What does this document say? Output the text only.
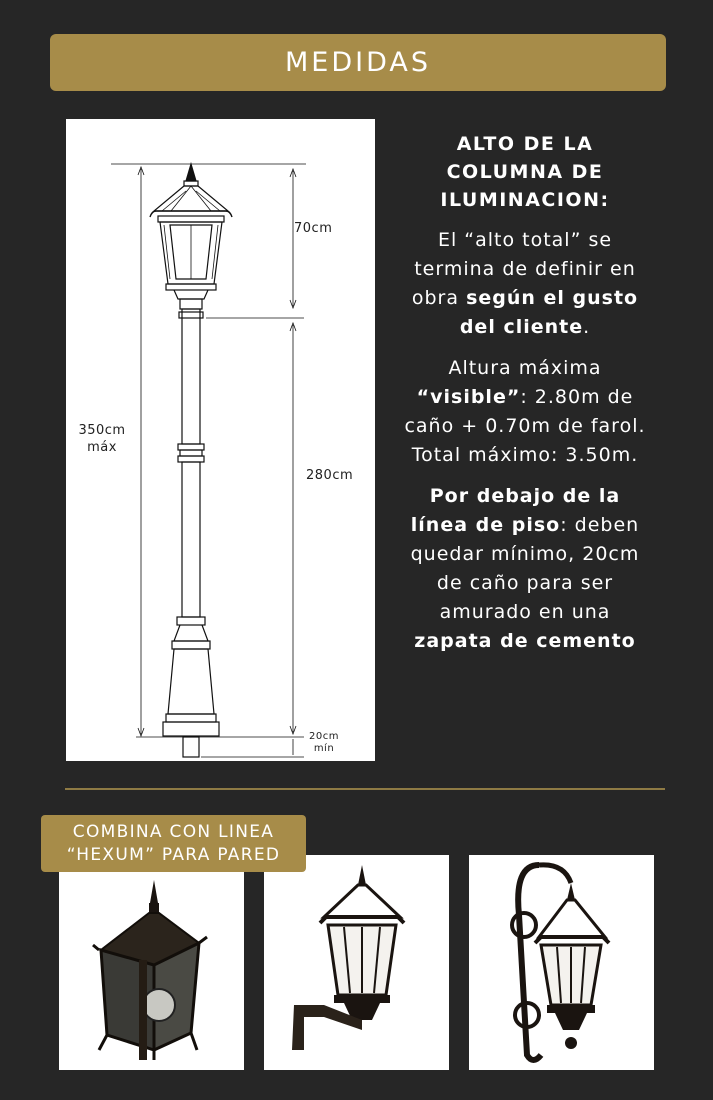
MEDIDAS
70cm
350cm
máx
280cm
20cm
mín
ALTO DE LA COLUMNA DE ILUMINACION:

El “alto total” se termina de definir en obra según el gusto del cliente.

Altura máxima “visible”: 2.80m de caño + 0.70m de farol.
Total máximo: 3.50m.

Por debajo de la línea de piso: deben quedar mínimo, 20cm de caño para ser amurado en una zapata de cemento

COMBINA CON LINEA
“HEXUM” PARA PARED
